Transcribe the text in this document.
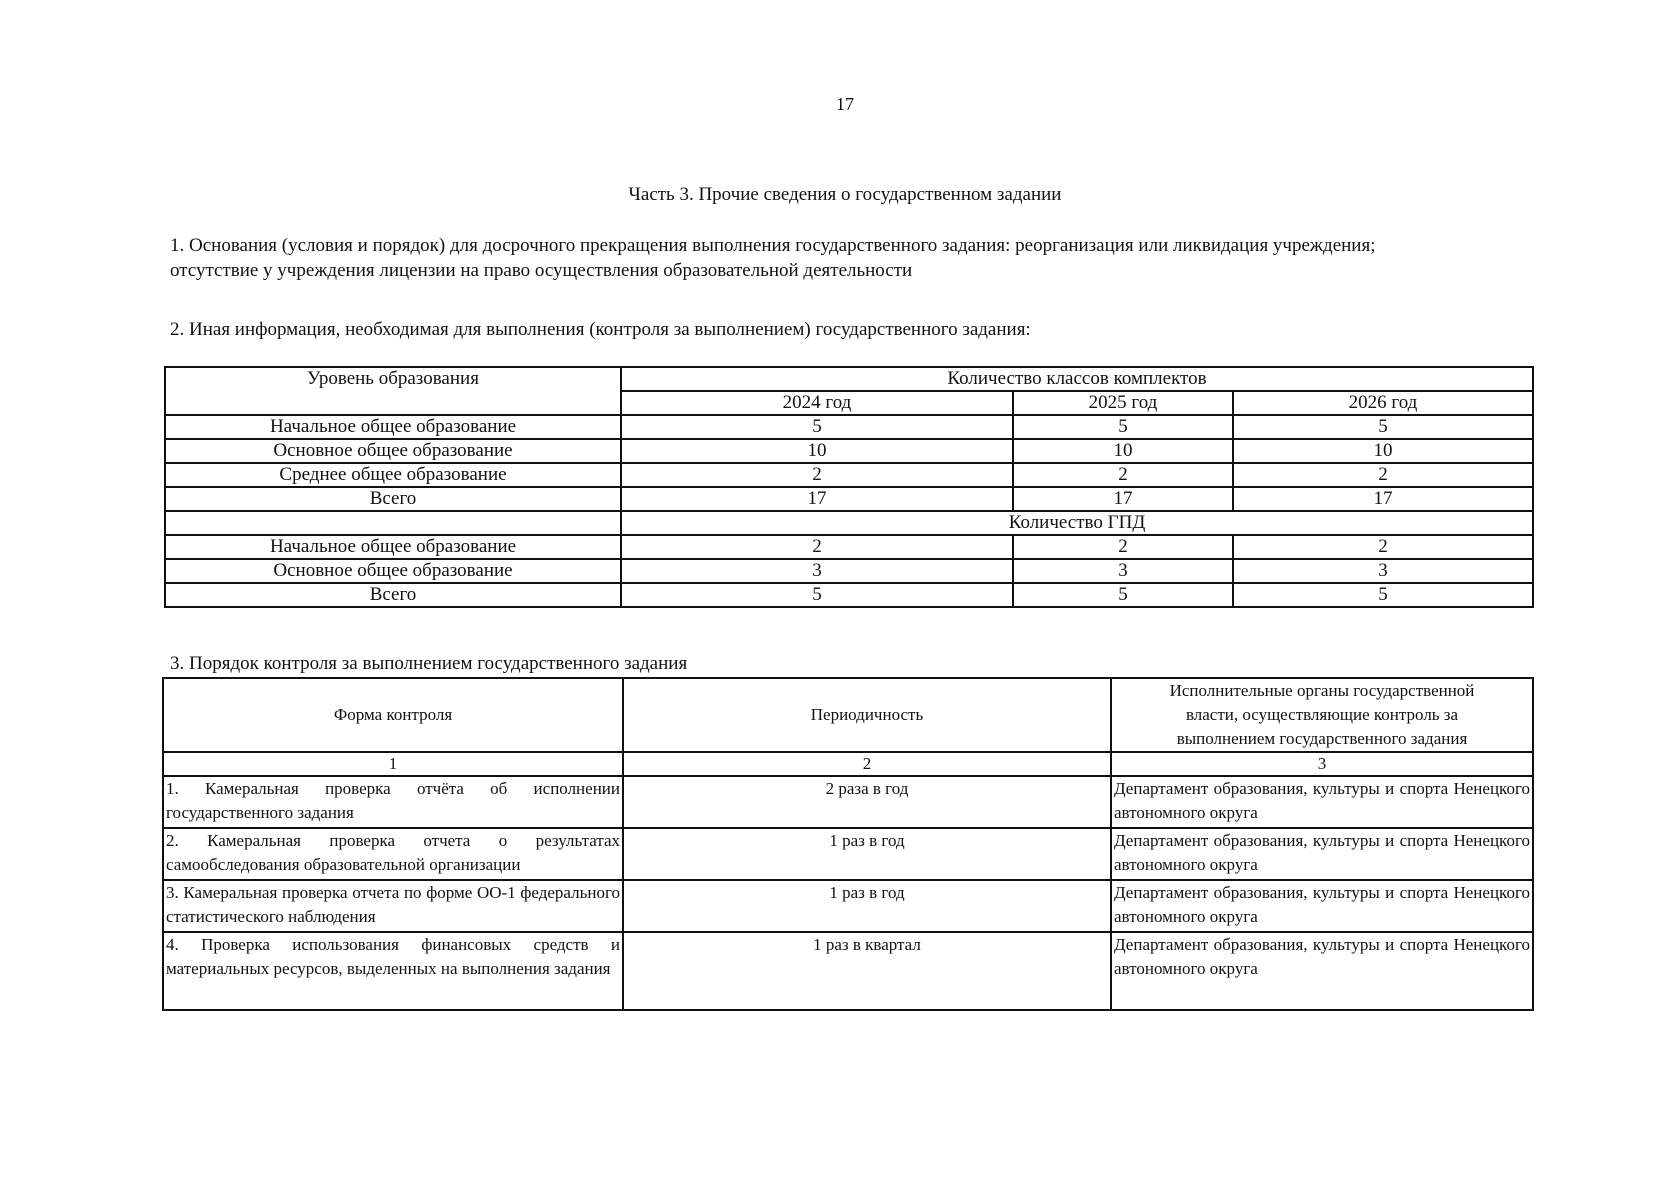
17
Часть 3. Прочие сведения о государственном задании
1. Основания (условия и порядок) для досрочного прекращения выполнения государственного задания: реорганизация или ликвидация учреждения;
отсутствие у учреждения лицензии на право осуществления образовательной деятельности
2. Иная информация, необходимая для выполнения (контроля за выполнением) государственного задания:
Уровень образования	Количество классов комплектов		
	2024 год	2025 год	2026 год
Начальное общее образование	5	5	5
Основное общее образование	10	10	10
Среднее общее образование	2	2	2
Всего	17	17	17
	Количество ГПД		
Начальное общее образование	2	2	2
Основное общее образование	3	3	3
Всего	5	5	5
3. Порядок контроля за выполнением государственного задания
Форма контроля	Периодичность	Исполнительные органы государственной власти, осуществляющие контроль за выполнением государственного задания
1	2	3
1. Камеральная проверка отчёта об исполнении государственного задания	2 раза в год	Департамент образования, культуры и спорта Ненецкого автономного округа
2. Камеральная проверка отчета о результатах самообследования образовательной организации	1 раз в год	Департамент образования, культуры и спорта Ненецкого автономного округа
3. Камеральная проверка отчета по форме ОО-1 федерального статистического наблюдения	1 раз в год	Департамент образования, культуры и спорта Ненецкого автономного округа
4. Проверка использования финансовых средств и материальных ресурсов, выделенных на выполнения задания	1 раз в квартал	Департамент образования, культуры и спорта Ненецкого автономного округа
